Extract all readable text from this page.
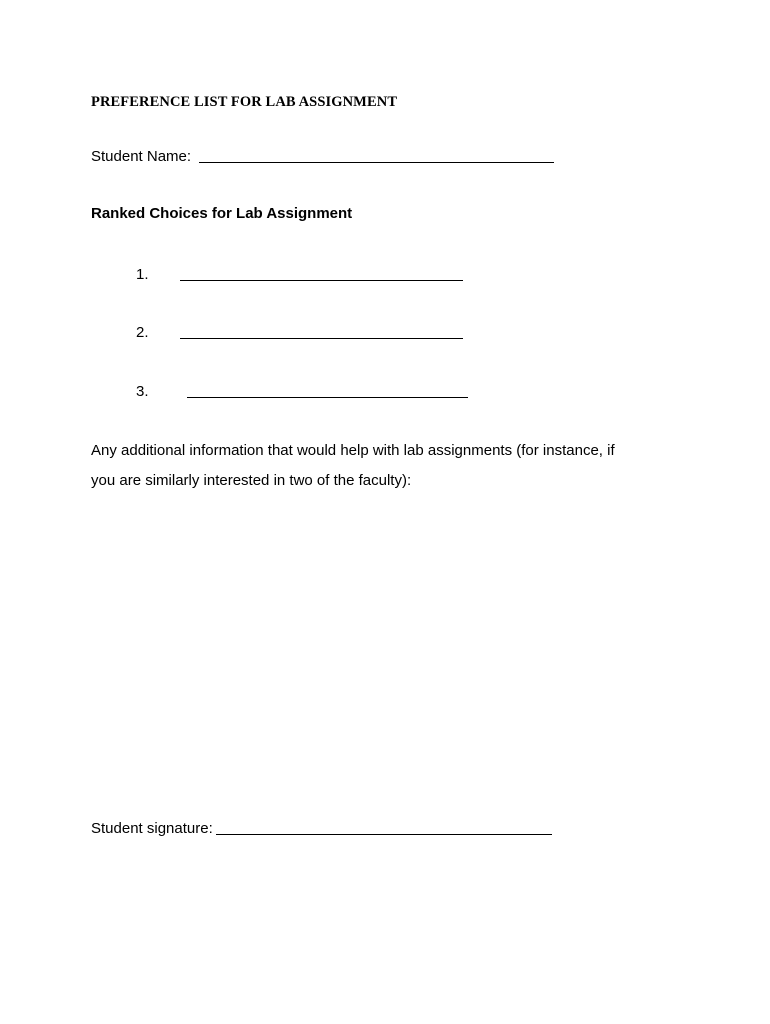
PREFERENCE LIST FOR LAB ASSIGNMENT
Student Name:
Ranked Choices for Lab Assignment
1.
2.
3.
Any additional information that would help with lab assignments (for instance, if
you are similarly interested in two of the faculty):
Student signature:
